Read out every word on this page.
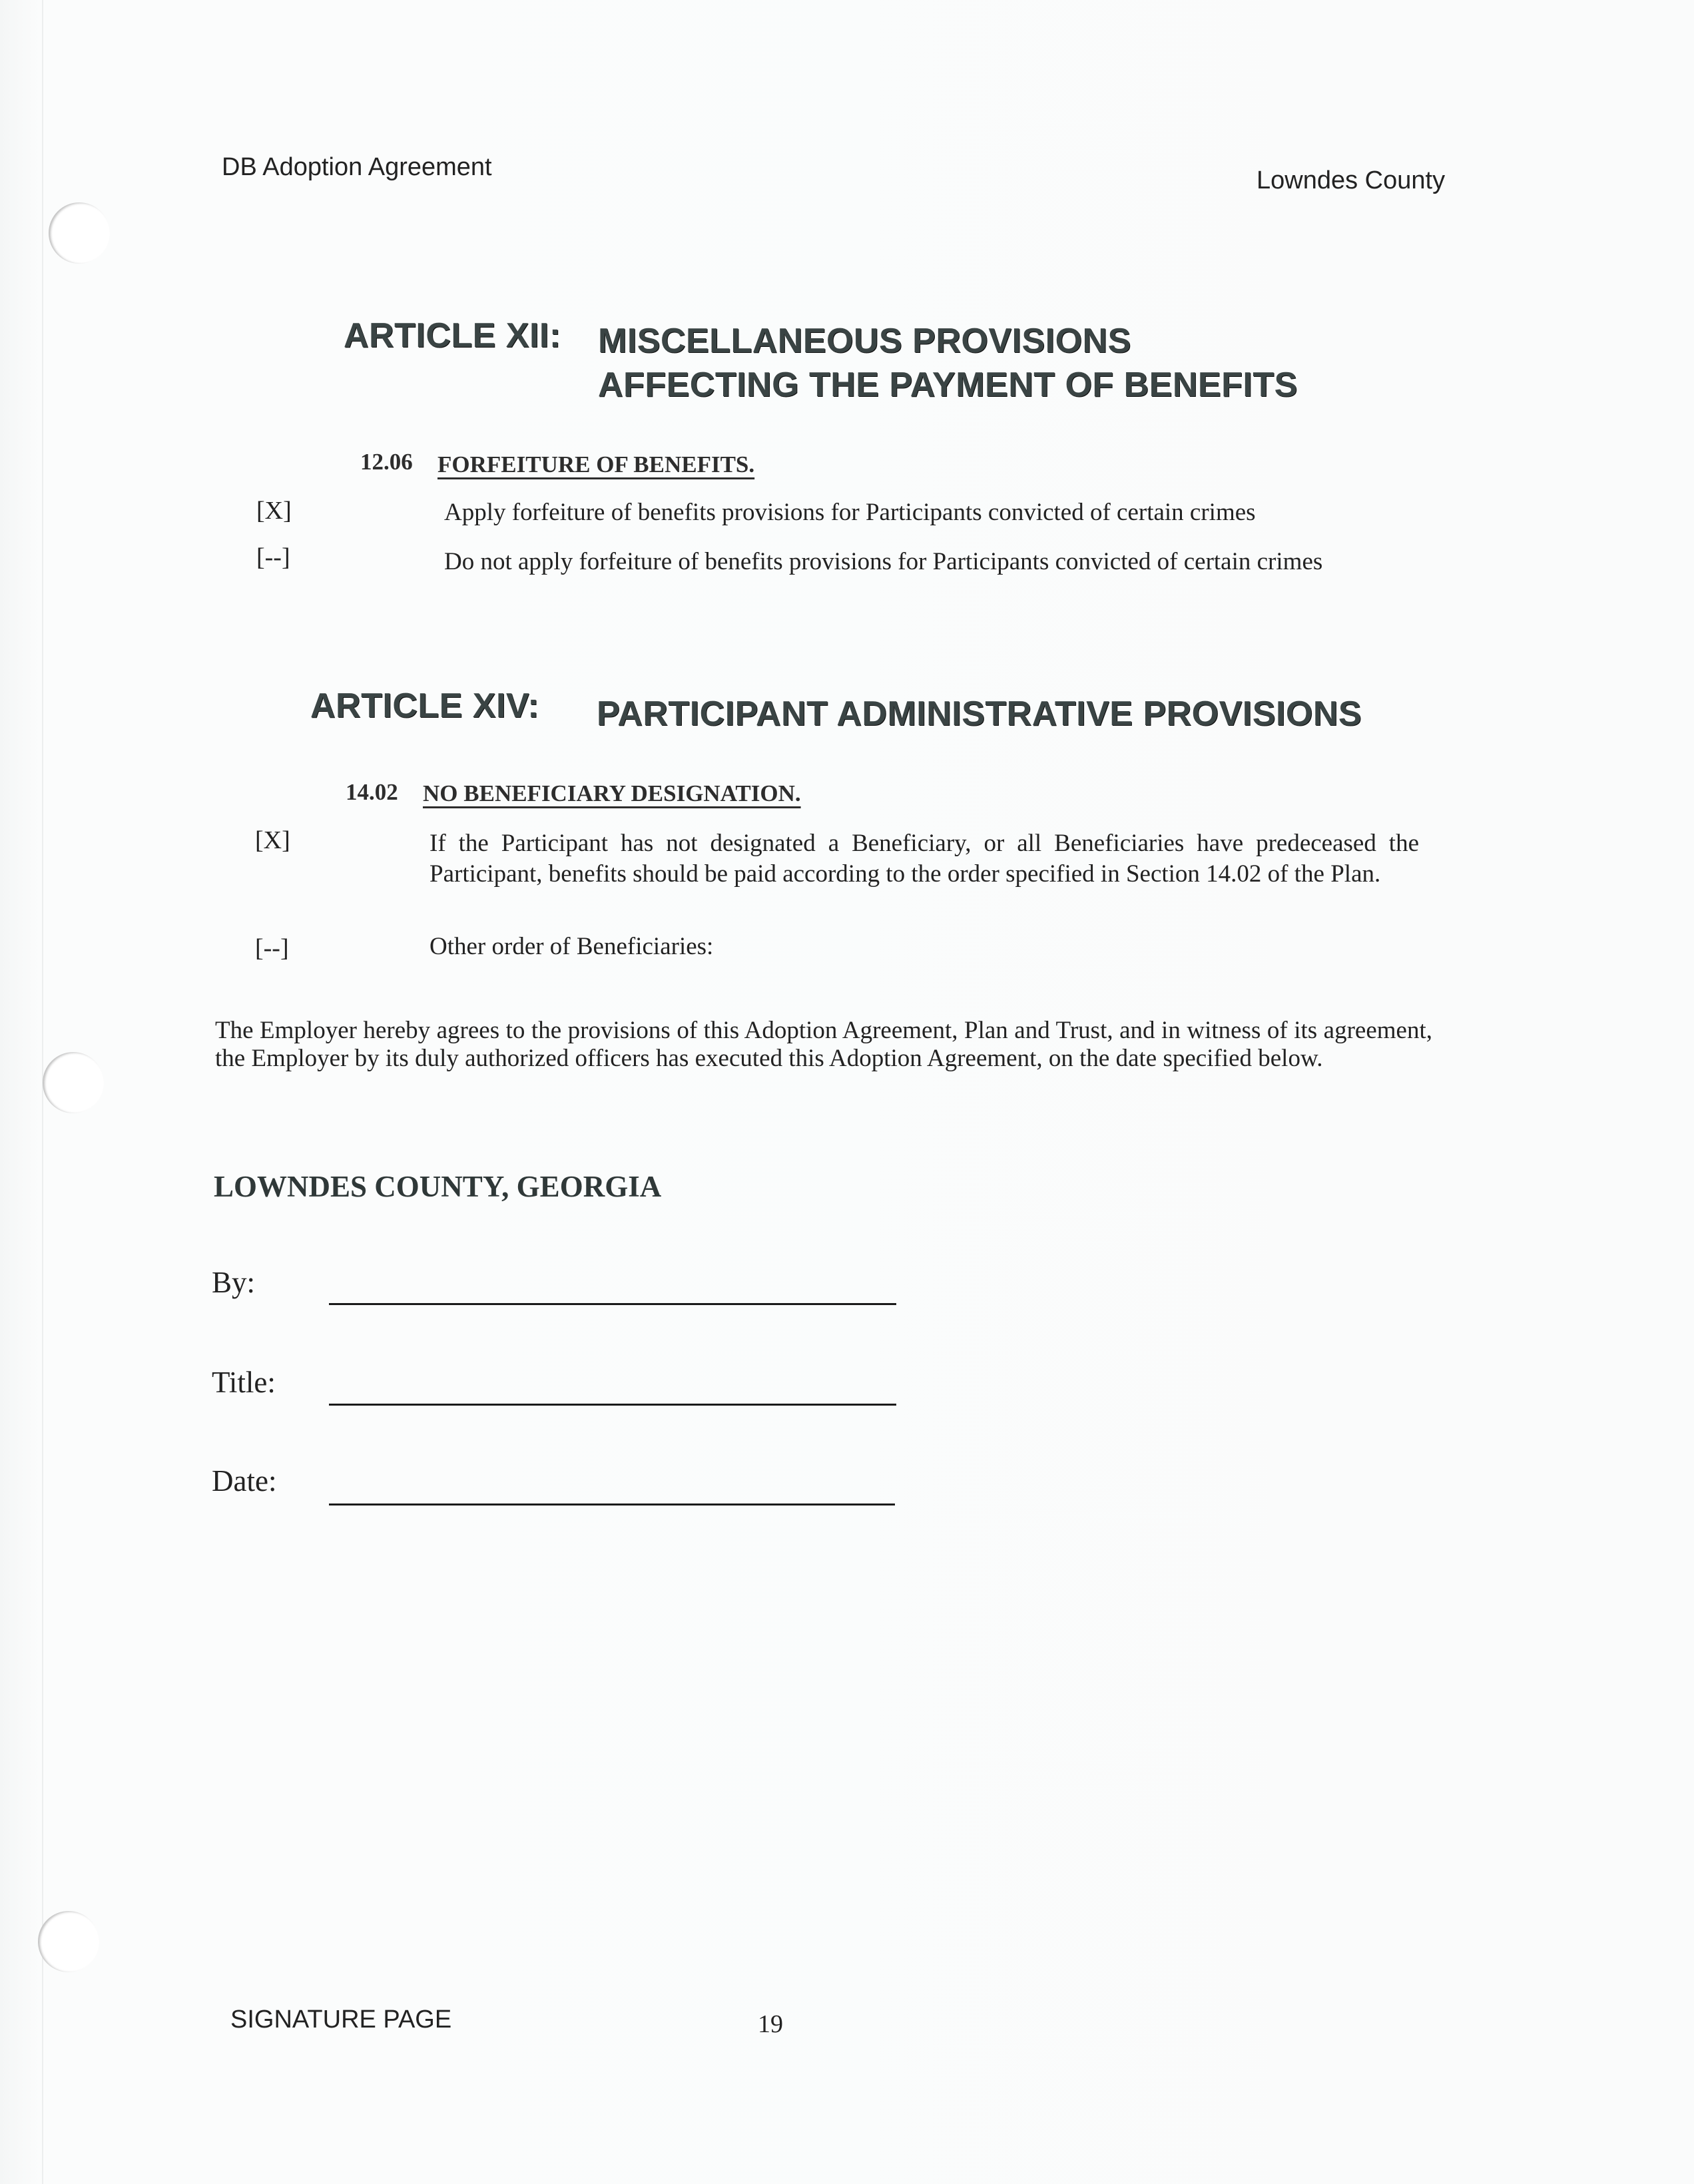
DB Adoption Agreement	Lowndes County
ARTICLE XII: MISCELLANEOUS PROVISIONS
AFFECTING THE PAYMENT OF BENEFITS
12.06 FORFEITURE OF BENEFITS.
[X]	Apply forfeiture of benefits provisions for Participants convicted of certain crimes
[--]	Do not apply forfeiture of benefits provisions for Participants convicted of certain crimes
ARTICLE XIV: PARTICIPANT ADMINISTRATIVE PROVISIONS
14.02 NO BENEFICIARY DESIGNATION.
[X]	If the Participant has not designated a Beneficiary, or all Beneficiaries have predeceased the Participant, benefits should be paid according to the order specified in Section 14.02 of the Plan.
[--]	Other order of Beneficiaries:
The Employer hereby agrees to the provisions of this Adoption Agreement, Plan and Trust, and in witness of its agreement, the Employer by its duly authorized officers has executed this Adoption Agreement, on the date specified below.
LOWNDES COUNTY, GEORGIA
By:
Title:
Date:
SIGNATURE PAGE	19
